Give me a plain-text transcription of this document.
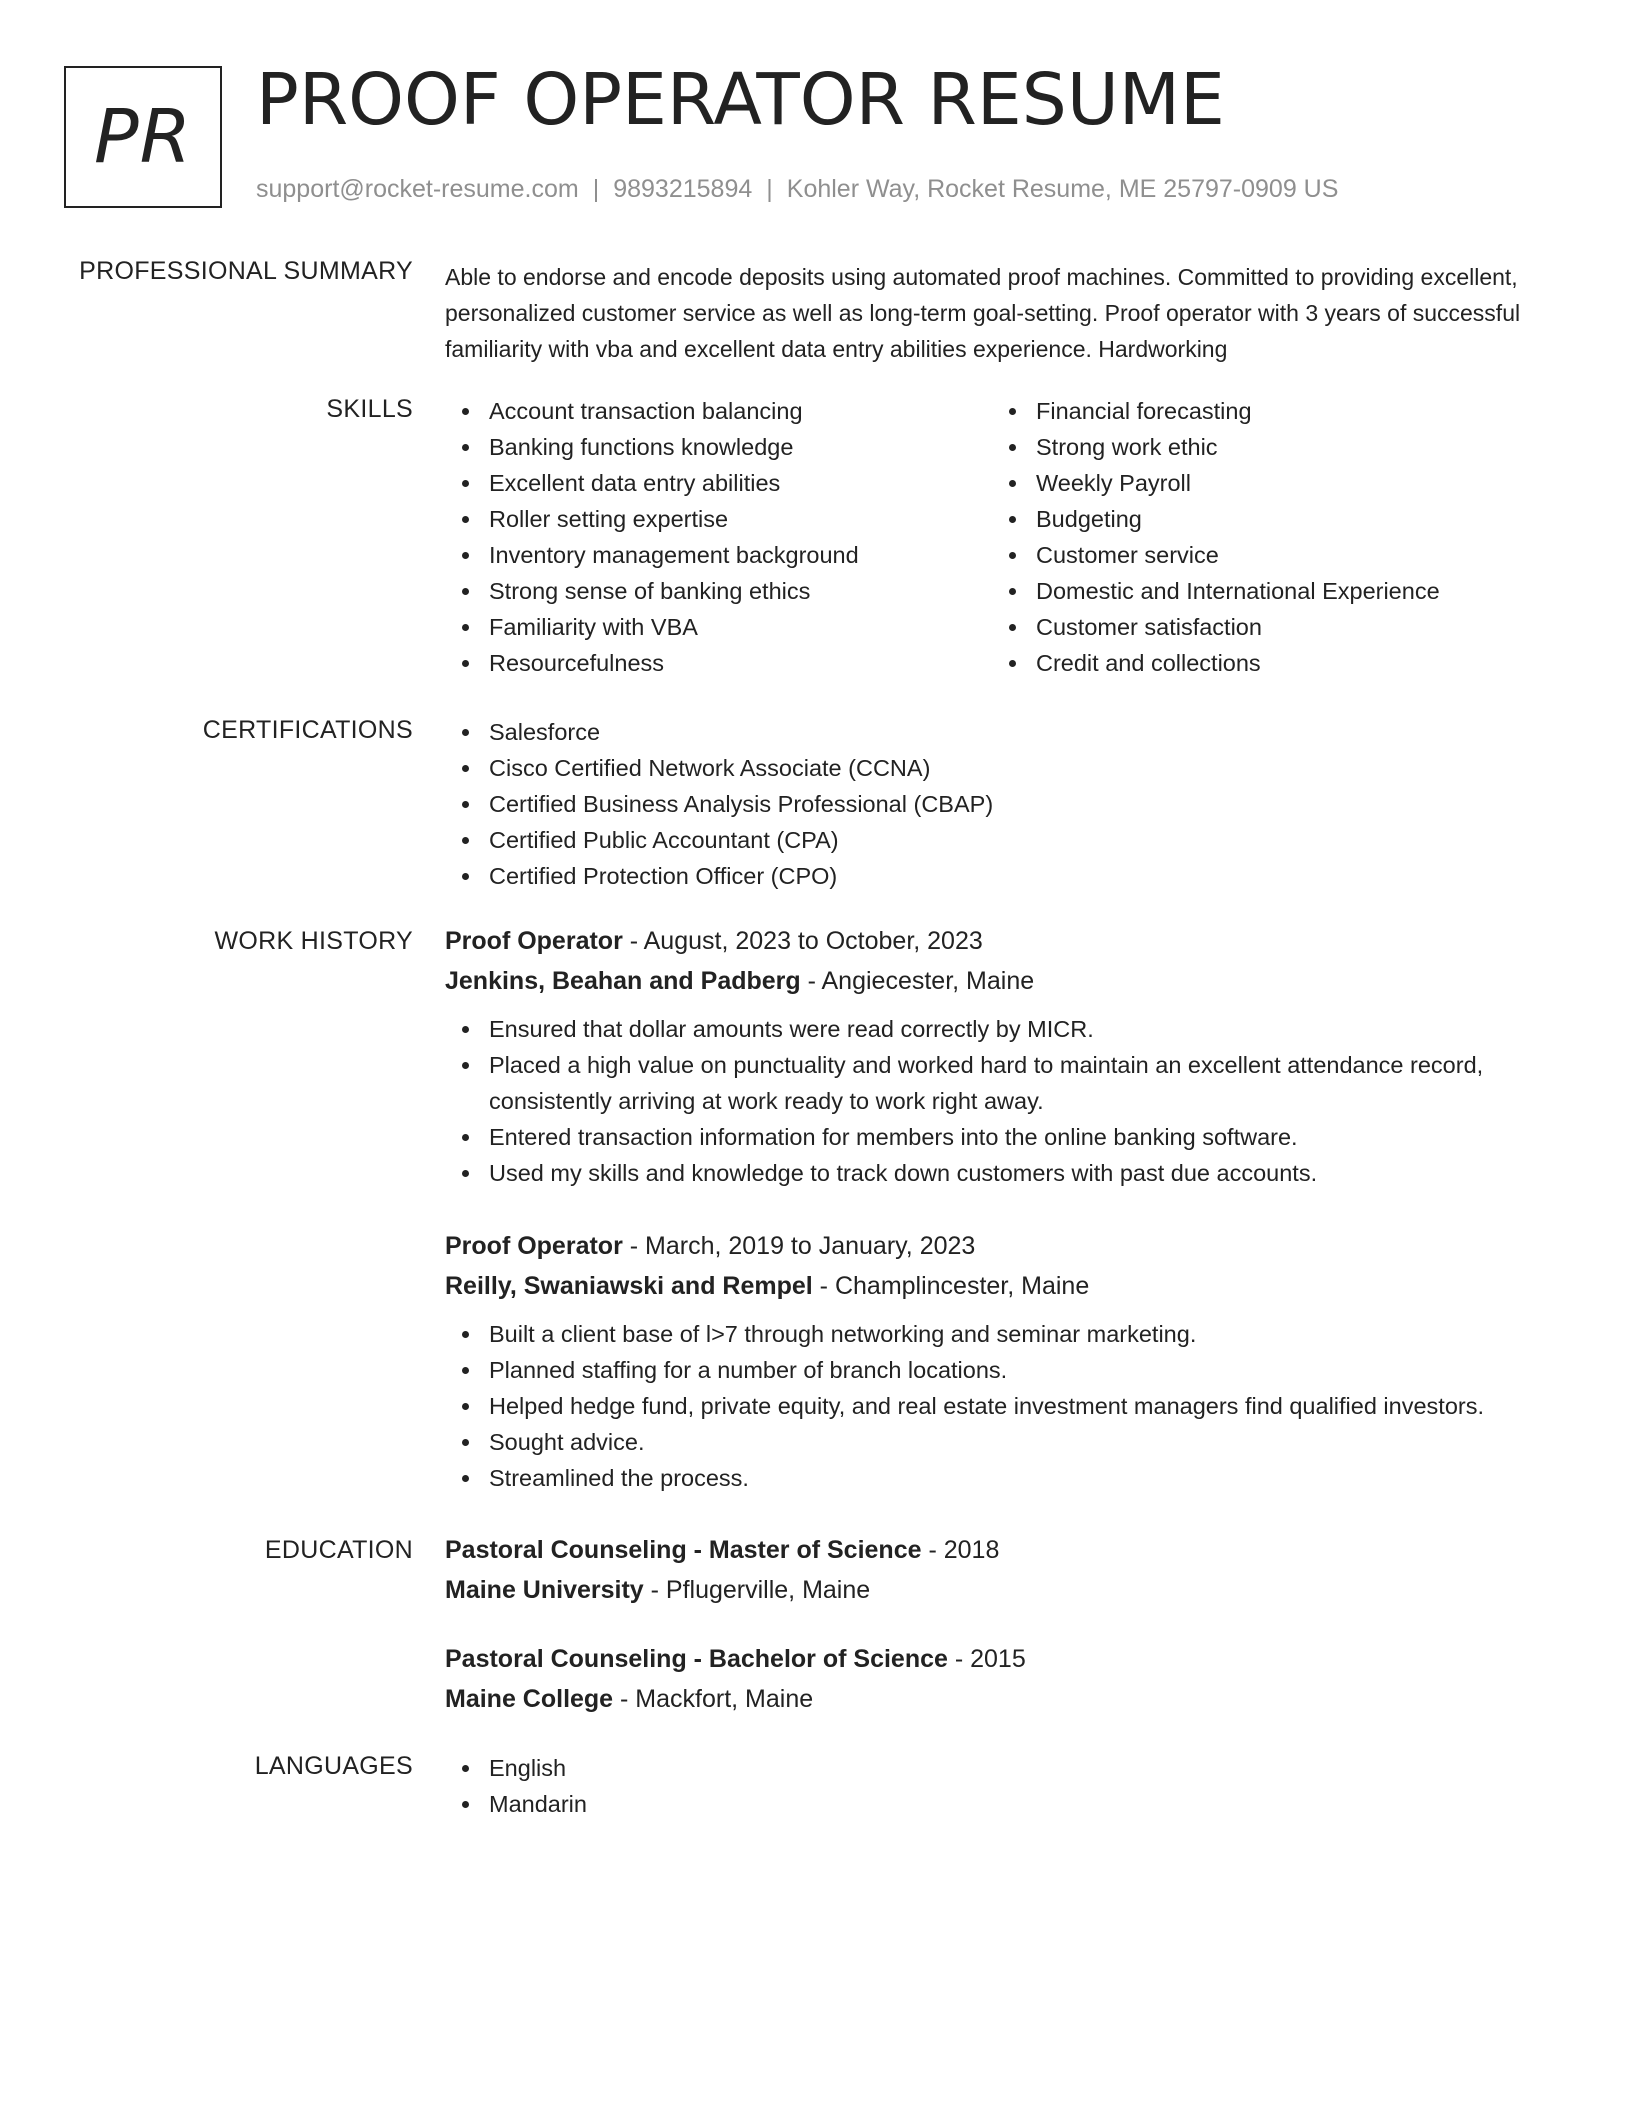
PR PROOF OPERATOR RESUME
support@rocket-resume.com | 9893215894 | Kohler Way, Rocket Resume, ME 25797-0909 US
PROFESSIONAL SUMMARY Able to endorse and encode deposits using automated proof machines. Committed to providing excellent, personalized customer service as well as long-term goal-setting. Proof operator with 3 years of successful familiarity with vba and excellent data entry abilities experience. Hardworking
SKILLS	Account transaction balancing
Banking functions knowledge
Excellent data entry abilities
Roller setting expertise
Inventory management background
Strong sense of banking ethics
Familiarity with VBA
Resourcefulness
Financial forecasting
Strong work ethic
Weekly Payroll
Budgeting
Customer service
Domestic and International Experience
Customer satisfaction
Credit and collections
CERTIFICATIONS	Salesforce
Cisco Certified Network Associate (CCNA)
Certified Business Analysis Professional (CBAP)
Certified Public Accountant (CPA)
Certified Protection Officer (CPO)
WORK HISTORY Proof Operator - August, 2023 to October, 2023
Jenkins, Beahan and Padberg - Angiecester, Maine
Ensured that dollar amounts were read correctly by MICR.
Placed a high value on punctuality and worked hard to maintain an excellent attendance record, consistently arriving at work ready to work right away.
Entered transaction information for members into the online banking software.
Used my skills and knowledge to track down customers with past due accounts.
Proof Operator - March, 2019 to January, 2023
Reilly, Swaniawski and Rempel - Champlincester, Maine
Built a client base of l>7 through networking and seminar marketing.
Planned staffing for a number of branch locations.
Helped hedge fund, private equity, and real estate investment managers find qualified investors.
Sought advice.
Streamlined the process.
EDUCATION Pastoral Counseling - Master of Science - 2018
Maine University - Pflugerville, Maine
Pastoral Counseling - Bachelor of Science - 2015
Maine College - Mackfort, Maine
LANGUAGES	English
Mandarin
